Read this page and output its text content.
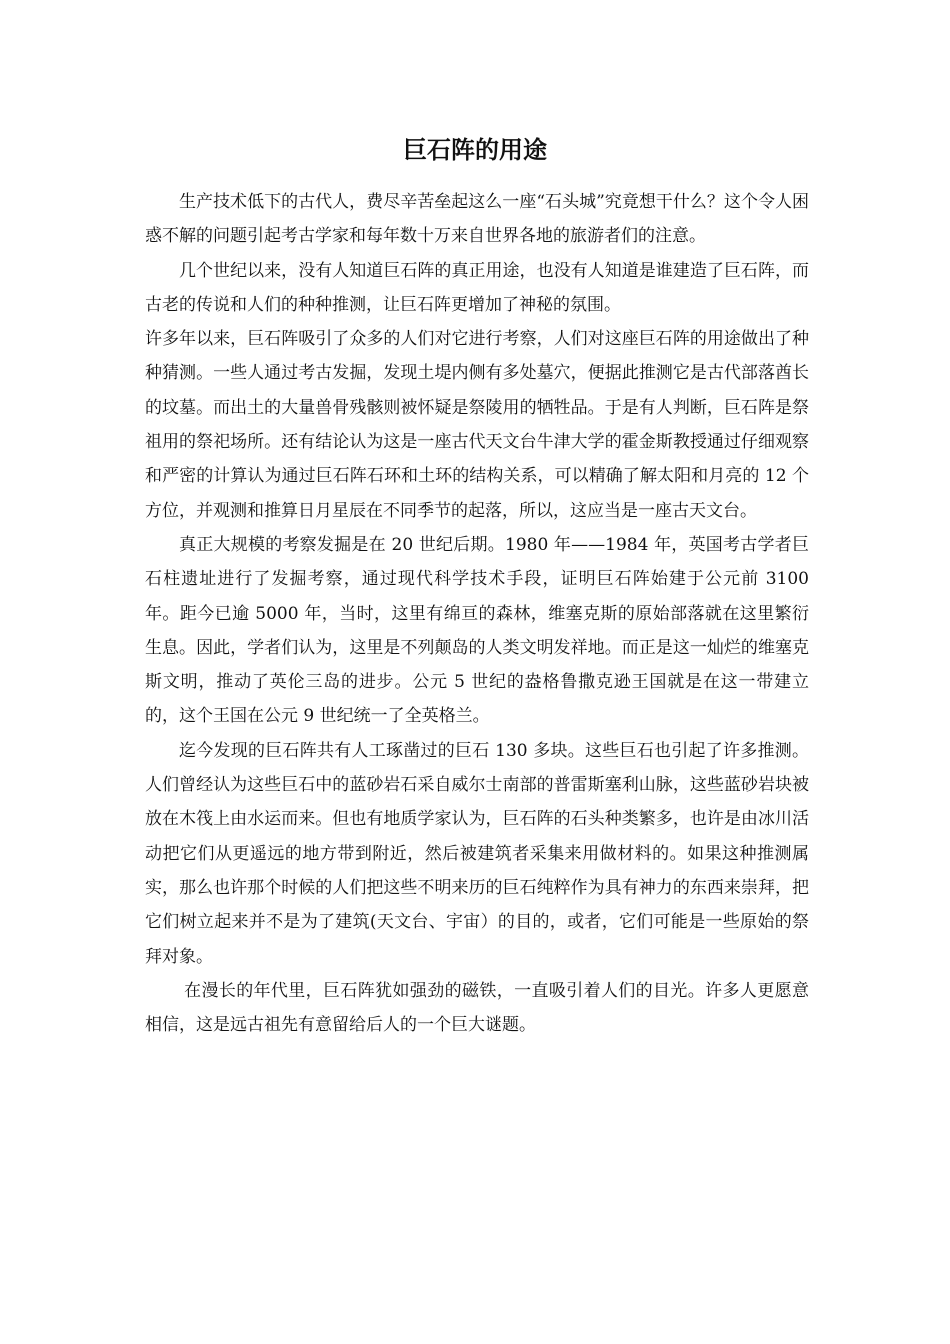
巨石阵的用途

生产技术低下的古代人，费尽辛苦垒起这么一座“石头城”究竟想干什么？这个令人困惑不解的问题引起考古学家和每年数十万来自世界各地的旅游者们的注意。

几个世纪以来，没有人知道巨石阵的真正用途，也没有人知道是谁建造了巨石阵，而古老的传说和人们的种种推测，让巨石阵更增加了神秘的氛围。

许多年以来，巨石阵吸引了众多的人们对它进行考察，人们对这座巨石阵的用途做出了种种猜测。一些人通过考古发掘，发现土堤内侧有多处墓穴，便据此推测它是古代部落酋长的坟墓。而出土的大量兽骨残骸则被怀疑是祭陵用的牺牲品。于是有人判断，巨石阵是祭祖用的祭祀场所。还有结论认为这是一座古代天文台牛津大学的霍金斯教授通过仔细观察和严密的计算认为通过巨石阵石环和土环的结构关系，可以精确了解太阳和月亮的 12 个方位，并观测和推算日月星辰在不同季节的起落，所以，这应当是一座古天文台。

真正大规模的考察发掘是在 20 世纪后期。1980 年——1984 年，英国考古学者巨石柱遗址进行了发掘考察，通过现代科学技术手段，证明巨石阵始建于公元前 3100 年。距今已逾 5000 年，当时，这里有绵亘的森林，维塞克斯的原始部落就在这里繁衍生息。因此，学者们认为，这里是不列颠岛的人类文明发祥地。而正是这一灿烂的维塞克斯文明，推动了英伦三岛的进步。公元 5 世纪的盎格鲁撒克逊王国就是在这一带建立的，这个王国在公元 9 世纪统一了全英格兰。

迄今发现的巨石阵共有人工琢凿过的巨石 130 多块。这些巨石也引起了许多推测。人们曾经认为这些巨石中的蓝砂岩石采自威尔士南部的普雷斯塞利山脉，这些蓝砂岩块被放在木筏上由水运而来。但也有地质学家认为，巨石阵的石头种类繁多，也许是由冰川活动把它们从更遥远的地方带到附近，然后被建筑者采集来用做材料的。如果这种推测属实，那么也许那个时候的人们把这些不明来历的巨石纯粹作为具有神力的东西来崇拜，把它们树立起来并不是为了建筑(天文台、宇宙）的目的，或者，它们可能是一些原始的祭拜对象。

在漫长的年代里，巨石阵犹如强劲的磁铁，一直吸引着人们的目光。许多人更愿意相信，这是远古祖先有意留给后人的一个巨大谜题。
